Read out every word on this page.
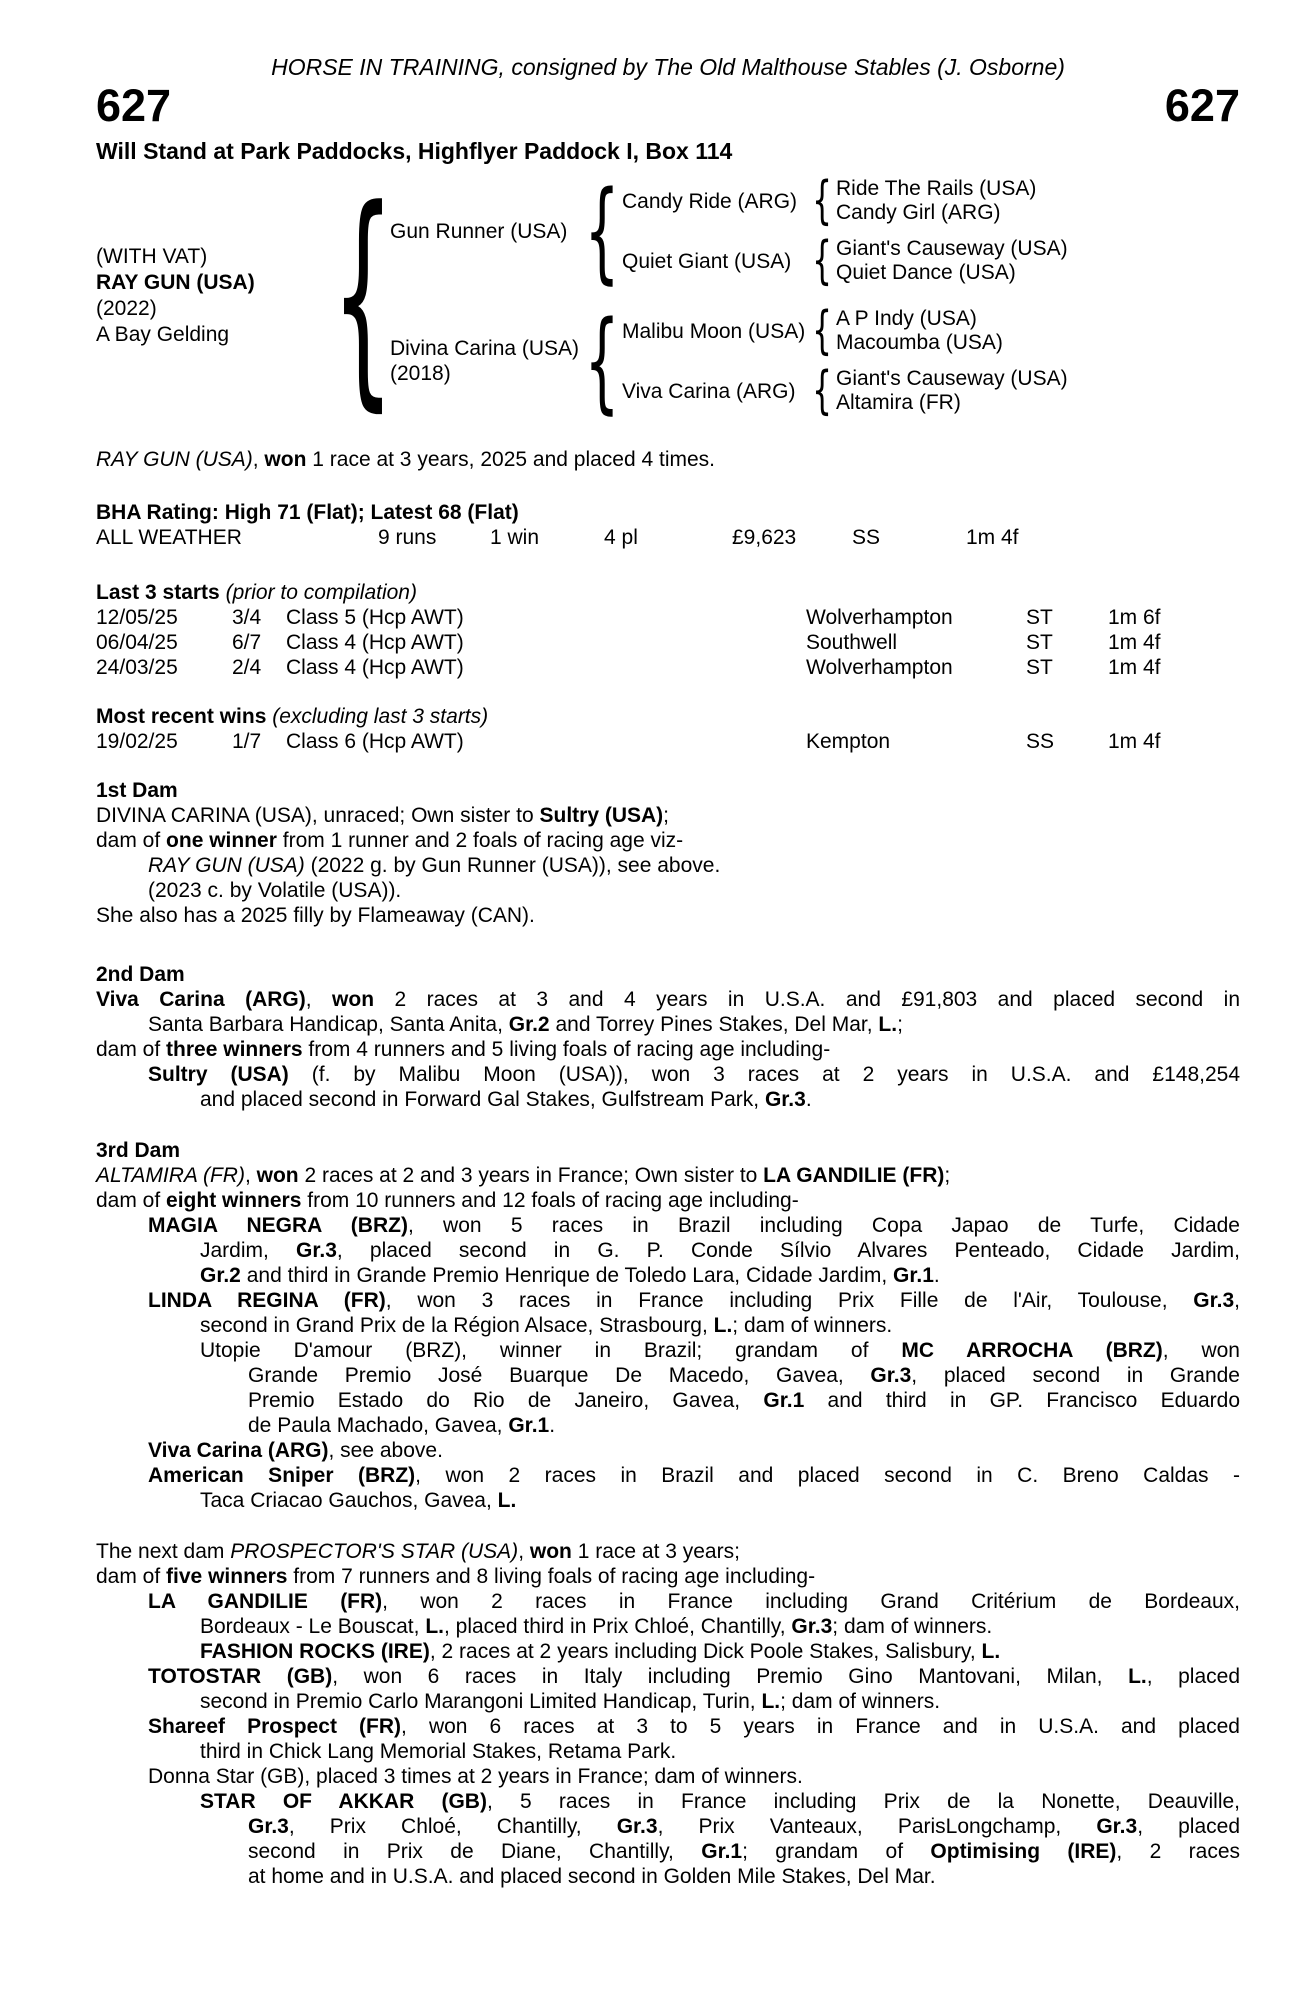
HORSE IN TRAINING, consigned by The Old Malthouse Stables (J. Osborne)
627	627
Will Stand at Park Paddocks, Highflyer Paddock I, Box 114
(WITH VAT)
RAY GUN (USA)
(2022)
A Bay Gelding {
Gun Runner (USA) { Candy Ride (ARG) { Ride The Rails (USA)
Candy Girl (ARG)
Quiet Giant (USA) { Giant's Causeway (USA)
Quiet Dance (USA)
Divina Carina (USA)
(2018)	{ Malibu Moon (USA) { A P Indy (USA)
Macoumba (USA)
Viva Carina (ARG) { Giant's Causeway (USA)
Altamira (FR)
RAY GUN (USA), won 1 race at 3 years, 2025 and placed 4 times.
BHA Rating: High 71 (Flat); Latest 68 (Flat)
ALL WEATHER	9 runs	1 win	4 pl	£9,623	SS	1m 4f
Last 3 starts (prior to compilation)
12/05/25	3/4	Class 5 (Hcp AWT)	Wolverhampton	ST	1m 6f
06/04/25	6/7	Class 4 (Hcp AWT)	Southwell	ST	1m 4f
24/03/25	2/4	Class 4 (Hcp AWT)	Wolverhampton	ST	1m 4f
Most recent wins (excluding last 3 starts)
19/02/25	1/7	Class 6 (Hcp AWT)	Kempton	SS	1m 4f
1st Dam
DIVINA CARINA (USA), unraced; Own sister to Sultry (USA);
dam of one winner from 1 runner and 2 foals of racing age viz-
RAY GUN (USA) (2022 g. by Gun Runner (USA)), see above.
(2023 c. by Volatile (USA)).
She also has a 2025 filly by Flameaway (CAN).
2nd Dam
Viva Carina (ARG), won 2 races at 3 and 4 years in U.S.A. and £91,803 and placed second in
Santa Barbara Handicap, Santa Anita, Gr.2 and Torrey Pines Stakes, Del Mar, L.;
dam of three winners from 4 runners and 5 living foals of racing age including-
Sultry (USA) (f. by Malibu Moon (USA)), won 3 races at 2 years in U.S.A. and £148,254
and placed second in Forward Gal Stakes, Gulfstream Park, Gr.3.
3rd Dam
ALTAMIRA (FR), won 2 races at 2 and 3 years in France; Own sister to LA GANDILIE (FR);
dam of eight winners from 10 runners and 12 foals of racing age including-
MAGIA NEGRA (BRZ), won 5 races in Brazil including Copa Japao de Turfe, Cidade
Jardim, Gr.3, placed second in G. P. Conde Sílvio Alvares Penteado, Cidade Jardim,
Gr.2 and third in Grande Premio Henrique de Toledo Lara, Cidade Jardim, Gr.1.
LINDA REGINA (FR), won 3 races in France including Prix Fille de l'Air, Toulouse, Gr.3,
second in Grand Prix de la Région Alsace, Strasbourg, L.; dam of winners.
Utopie D'amour (BRZ), winner in Brazil; grandam of MC ARROCHA (BRZ), won
Grande Premio José Buarque De Macedo, Gavea, Gr.3, placed second in Grande
Premio Estado do Rio de Janeiro, Gavea, Gr.1 and third in GP. Francisco Eduardo
de Paula Machado, Gavea, Gr.1.
Viva Carina (ARG), see above.
American Sniper (BRZ), won 2 races in Brazil and placed second in C. Breno Caldas -
Taca Criacao Gauchos, Gavea, L.
The next dam PROSPECTOR'S STAR (USA), won 1 race at 3 years;
dam of five winners from 7 runners and 8 living foals of racing age including-
LA GANDILIE (FR), won 2 races in France including Grand Critérium de Bordeaux,
Bordeaux - Le Bouscat, L., placed third in Prix Chloé, Chantilly, Gr.3; dam of winners.
FASHION ROCKS (IRE), 2 races at 2 years including Dick Poole Stakes, Salisbury, L.
TOTOSTAR (GB), won 6 races in Italy including Premio Gino Mantovani, Milan, L., placed
second in Premio Carlo Marangoni Limited Handicap, Turin, L.; dam of winners.
Shareef Prospect (FR), won 6 races at 3 to 5 years in France and in U.S.A. and placed
third in Chick Lang Memorial Stakes, Retama Park.
Donna Star (GB), placed 3 times at 2 years in France; dam of winners.
STAR OF AKKAR (GB), 5 races in France including Prix de la Nonette, Deauville,
Gr.3, Prix Chloé, Chantilly, Gr.3, Prix Vanteaux, ParisLongchamp, Gr.3, placed
second in Prix de Diane, Chantilly, Gr.1; grandam of Optimising (IRE), 2 races
at home and in U.S.A. and placed second in Golden Mile Stakes, Del Mar.
